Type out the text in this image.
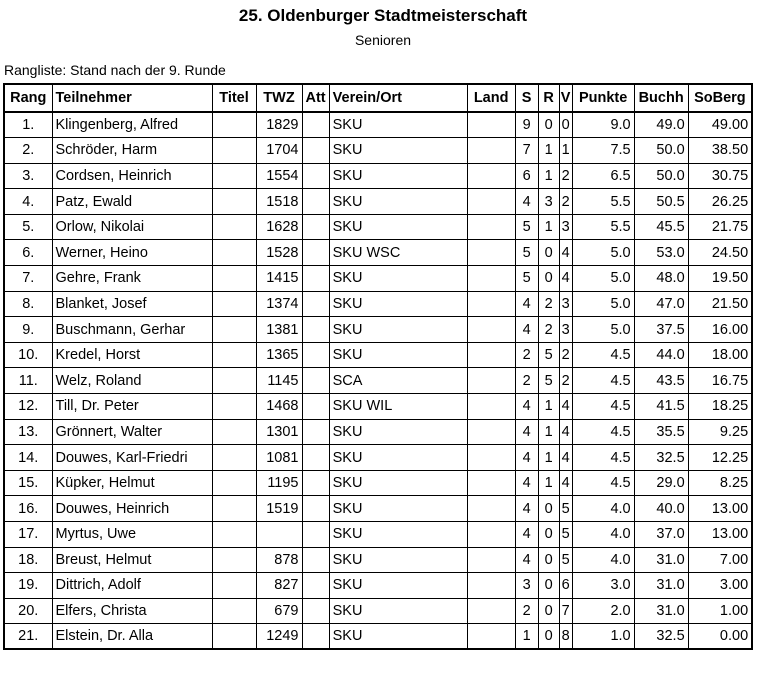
25. Oldenburger Stadtmeisterschaft
Senioren
Rangliste: Stand nach der 9. Runde
Rang	Teilnehmer	Titel	TWZ	Att	Verein/Ort	Land	S	R	V	Punkte	Buchh	SoBerg
1.	Klingenberg, Alfred		1829		SKU		9	0	0	9.0	49.0	49.00
2.	Schröder, Harm		1704		SKU		7	1	1	7.5	50.0	38.50
3.	Cordsen, Heinrich		1554		SKU		6	1	2	6.5	50.0	30.75
4.	Patz, Ewald		1518		SKU		4	3	2	5.5	50.5	26.25
5.	Orlow, Nikolai		1628		SKU		5	1	3	5.5	45.5	21.75
6.	Werner, Heino		1528		SKU WSC		5	0	4	5.0	53.0	24.50
7.	Gehre, Frank		1415		SKU		5	0	4	5.0	48.0	19.50
8.	Blanket, Josef		1374		SKU		4	2	3	5.0	47.0	21.50
9.	Buschmann, Gerhar		1381		SKU		4	2	3	5.0	37.5	16.00
10.	Kredel, Horst		1365		SKU		2	5	2	4.5	44.0	18.00
11.	Welz, Roland		1145		SCA		2	5	2	4.5	43.5	16.75
12.	Till, Dr. Peter		1468		SKU WIL		4	1	4	4.5	41.5	18.25
13.	Grönnert, Walter		1301		SKU		4	1	4	4.5	35.5	9.25
14.	Douwes, Karl-Friedri		1081		SKU		4	1	4	4.5	32.5	12.25
15.	Küpker, Helmut		1195		SKU		4	1	4	4.5	29.0	8.25
16.	Douwes, Heinrich		1519		SKU		4	0	5	4.0	40.0	13.00
17.	Myrtus, Uwe				SKU		4	0	5	4.0	37.0	13.00
18.	Breust, Helmut		878		SKU		4	0	5	4.0	31.0	7.00
19.	Dittrich, Adolf		827		SKU		3	0	6	3.0	31.0	3.00
20.	Elfers, Christa		679		SKU		2	0	7	2.0	31.0	1.00
21.	Elstein, Dr. Alla		1249		SKU		1	0	8	1.0	32.5	0.00
